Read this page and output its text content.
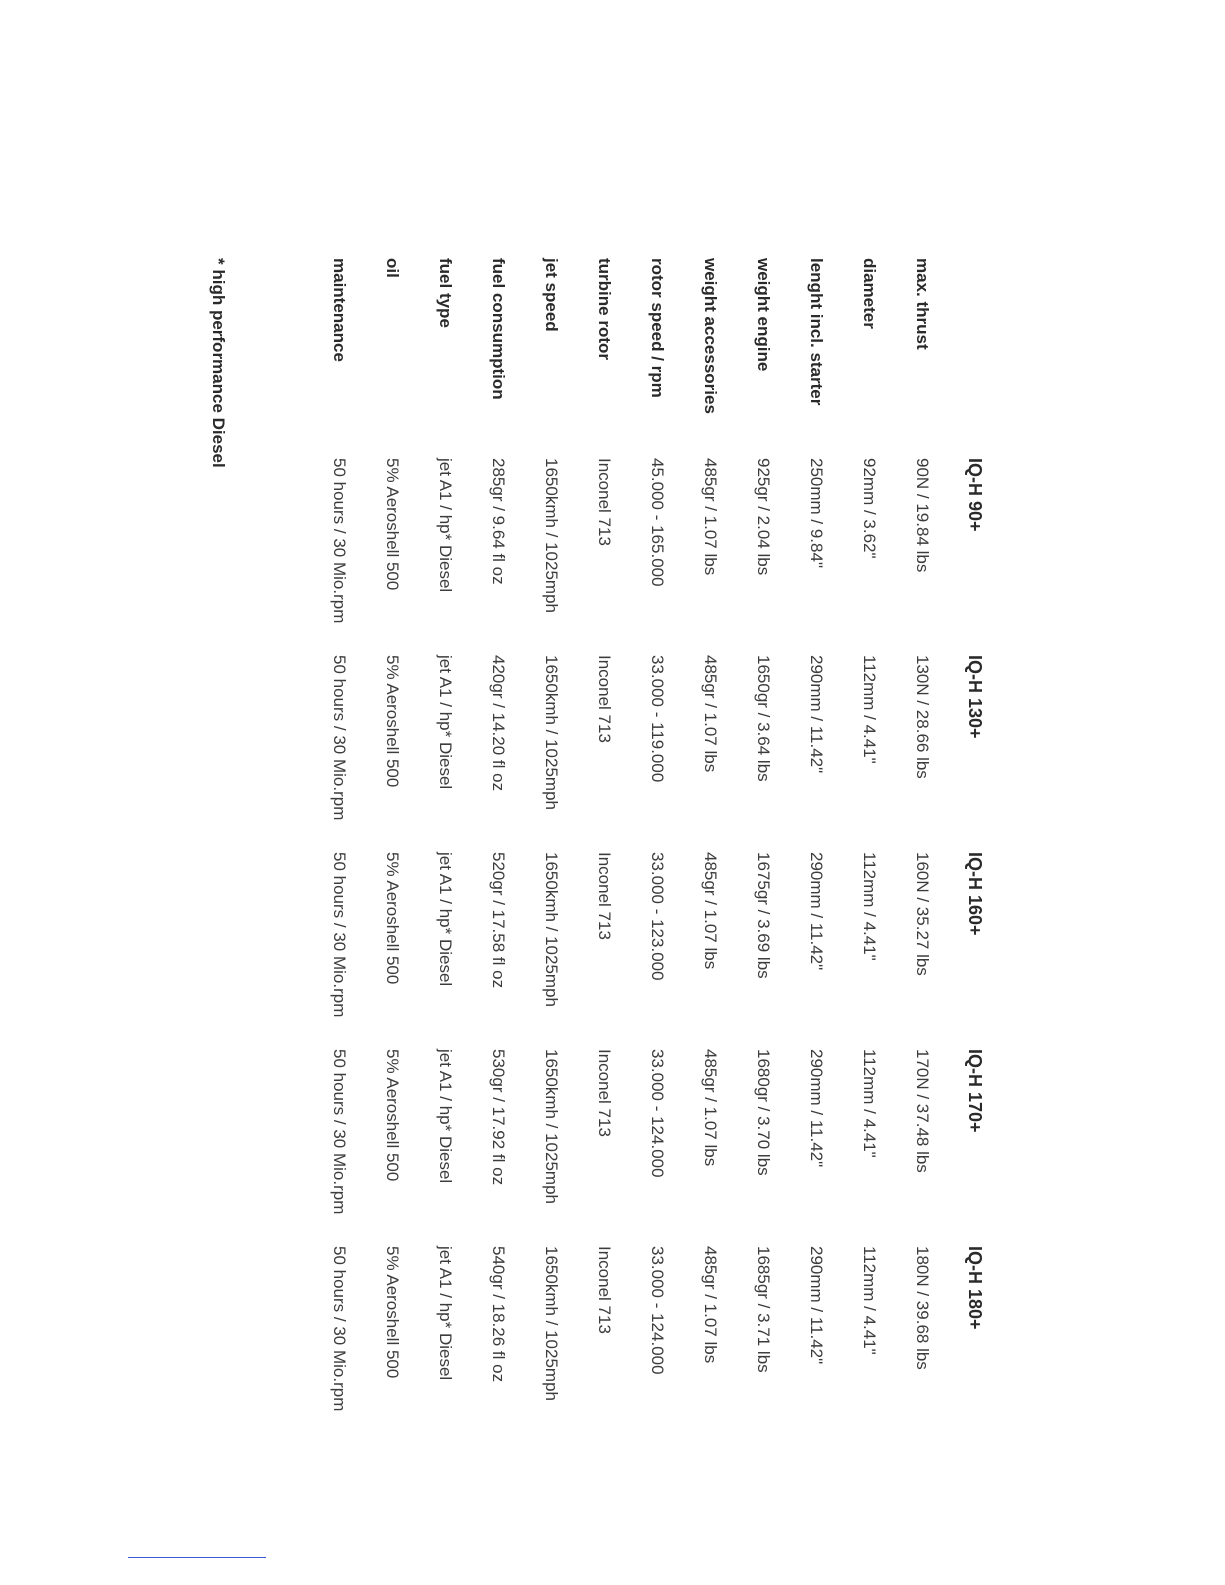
IQ-H 90+
IQ-H 130+
IQ-H 160+
IQ-H 170+
IQ-H 180+
max. thrust
90N / 19.84 lbs
130N / 28.66 lbs
160N / 35.27 lbs
170N / 37.48 lbs
180N / 39.68 lbs
diameter
92mm / 3.62"
112mm / 4.41"
112mm / 4.41"
112mm / 4.41"
112mm / 4.41"
lenght incl. starter
250mm / 9.84"
290mm / 11.42"
290mm / 11.42"
290mm / 11.42"
290mm / 11.42"
weight engine
925gr / 2.04 lbs
1650gr / 3.64 lbs
1675gr / 3.69 lbs
1680gr / 3.70 lbs
1685gr / 3.71 lbs
weight accessories
485gr / 1.07 lbs
485gr / 1.07 lbs
485gr / 1.07 lbs
485gr / 1.07 lbs
485gr / 1.07 lbs
rotor speed / rpm
45.000 - 165.000
33.000 - 119.000
33.000 - 123.000
33.000 - 124.000
33.000 - 124.000
turbine rotor
Inconel 713
Inconel 713
Inconel 713
Inconel 713
Inconel 713
jet speed
1650kmh / 1025mph
1650kmh / 1025mph
1650kmh / 1025mph
1650kmh / 1025mph
1650kmh / 1025mph
fuel consumption
285gr / 9.64 fl oz
420gr / 14.20 fl oz
520gr / 17.58 fl oz
530gr / 17.92 fl oz
540gr / 18.26 fl oz
fuel type
jet A1 / hp* Diesel
jet A1 / hp* Diesel
jet A1 / hp* Diesel
jet A1 / hp* Diesel
jet A1 / hp* Diesel
oil
5% Aeroshell 500
5% Aeroshell 500
5% Aeroshell 500
5% Aeroshell 500
5% Aeroshell 500
maintenance
50 hours / 30 Mio.rpm
50 hours / 30 Mio.rpm
50 hours / 30 Mio.rpm
50 hours / 30 Mio.rpm
50 hours / 30 Mio.rpm
* high performance Diesel
